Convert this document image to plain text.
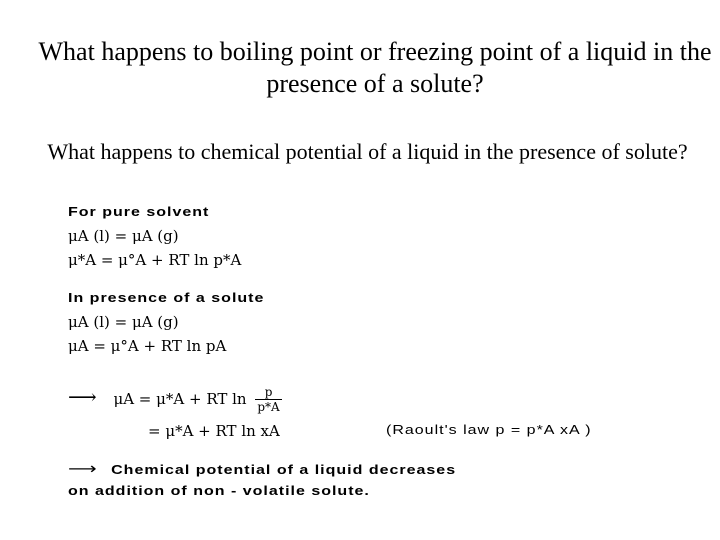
What happens to boiling point or freezing point of a liquid in the presence of a solute?
What happens to chemical potential of a liquid in the presence of solute?
For pure solvent
μA (l) = μA (g)
μ*A = μ°A + RT ln p*A
In presence of a solute
μA (l) = μA (g)
μA = μ°A + RT ln pA
⟶ μA = μ*A + RT $\ln \frac{p}{p*A}$
= μ*A + RT ln xA	(Raoult's law p = p*A xA )
⟶ Chemical potential of a liquid decreases
on addition of non - volatile solute.
